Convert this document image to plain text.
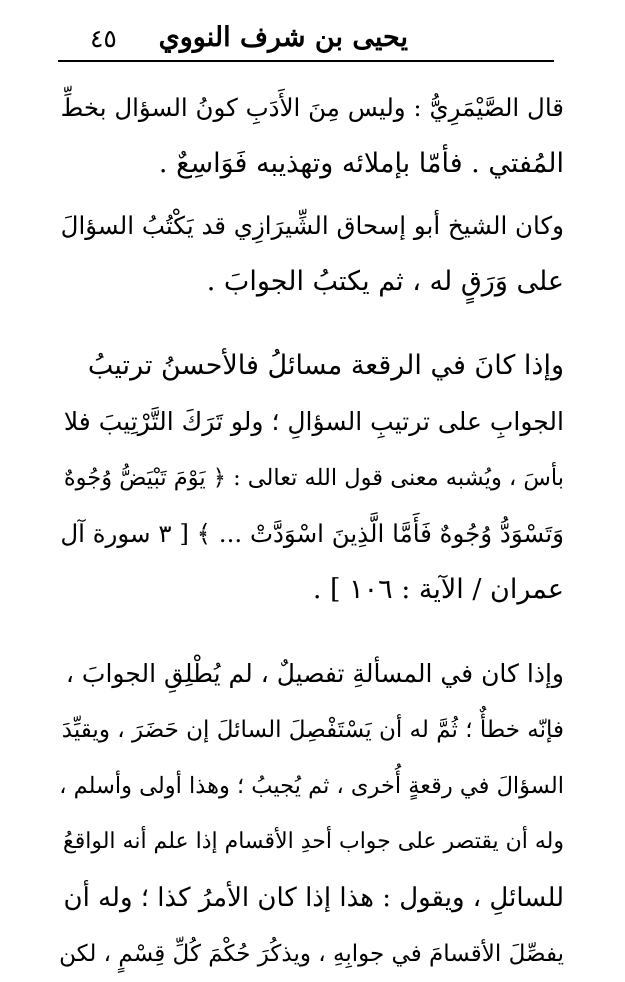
يحيى بن شرف النووي
٤٥

قال الصَّيْمَرِيُّ : وليس مِنَ الأَدَبِ كونُ السؤال بخطِّ
المُفتي . فأمّا بإملائه وتهذيبه فَوَاسِعٌ .

وكان الشيخ أبو إسحاق الشِّيرَازِي قد يَكْتُبُ السؤالَ
على وَرَقٍ له ، ثم يكتبُ الجوابَ .

وإذا كانَ في الرقعة مسائلُ فالأحسنُ ترتيبُ
الجوابِ على ترتيبِ السؤالِ ؛ ولو تَرَكَ التَّرْتِيبَ فلا
بأسَ ، ويُشبه معنى قول الله تعالى : ﴿ يَوْمَ تَبْيَضُّ وُجُوهٌ
وَتَسْوَدُّ وُجُوهٌ فَأَمَّا الَّذِينَ اسْوَدَّتْ ... ﴾ [ ٣ سورة آل
عمران / الآية : ١٠٦ ] .

وإذا كان في المسألةِ تفصيلٌ ، لم يُطْلِقِ الجوابَ ،
فإنّه خطأٌ ؛ ثُمَّ له أن يَسْتَفْصِلَ السائلَ إن حَضَرَ ، ويقيِّدَ
السؤالَ في رقعةٍ أُخرى ، ثم يُجيبُ ؛ وهذا أولى وأسلم ،
وله أن يقتصر على جواب أحدِ الأقسام إذا علم أنه الواقعُ
للسائلِ ، ويقول : هذا إذا كان الأمرُ كذا ؛ وله أن
يفصِّلَ الأقسامَ في جوابِهِ ، ويذكُرَ حُكْمَ كُلِّ قِسْمٍ ، لكن
